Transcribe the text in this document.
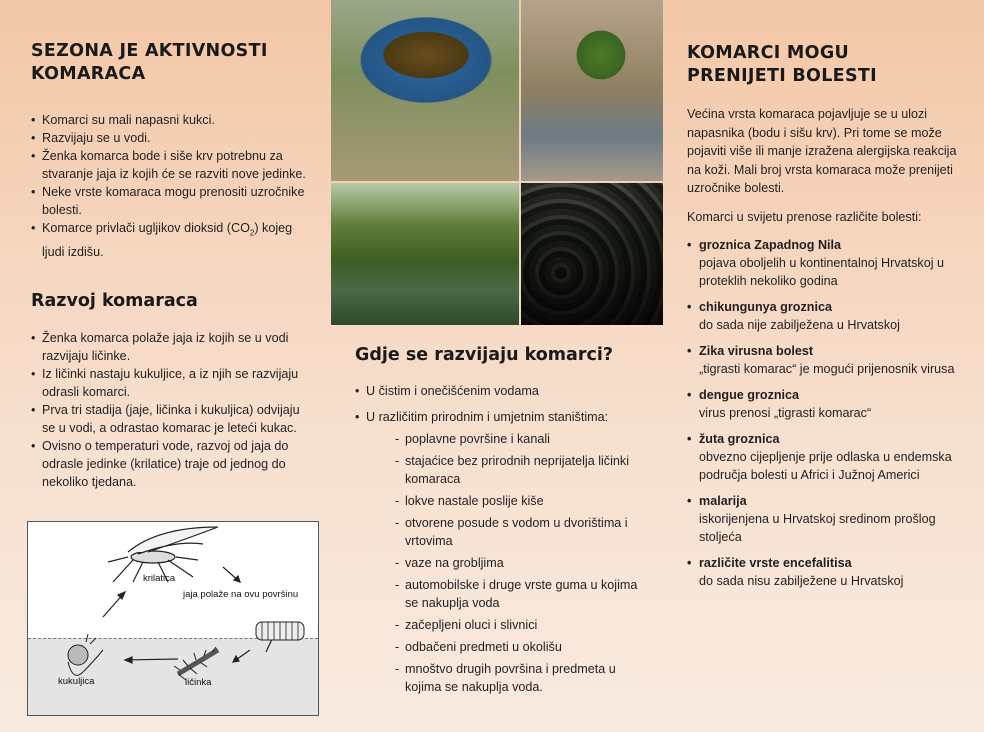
SEZONA JE AKTIVNOSTI
KOMARACA
• Komarci su mali napasni kukci.
• Razvijaju se u vodi.
• Ženka komarca bode i siše krv potrebnu za stvaranje jaja iz kojih će se razviti nove jedinke.
• Neke vrste komaraca mogu prenositi uzročnike bolesti.
• Komarce privlači ugljikov dioksid $(CO_2)$ kojeg ljudi izdišu.
Razvoj komaraca
• Ženka komarca polaže jaja iz kojih se u vodi razvijaju ličinke.
• Iz ličinki nastaju kukuljice, a iz njih se razvijaju odrasli komarci.
• Prva tri stadija (jaje, ličinka i kukuljica) odvijaju se u vodi, a odrastao komarac je leteći kukac.
• Ovisno o temperaturi vode, razvoj od jaja do odrasle jedinke (krilatice) traje od jednog do nekoliko tjedana.
krilatica
jaja polaže na ovu površinu
kukuljica	ličinka
Gdje se razvijaju komarci?
• U čistim i onečišćenim vodama
• U različitim prirodnim i umjetnim staništima:
- poplavne površine i kanali
- stajaćice bez prirodnih neprijatelja ličinki komaraca
- lokve nastale poslije kiše
- otvorene posude s vodom u dvorištima i vrtovima
- vaze na grobljima
- automobilske i druge vrste guma u kojima se nakuplja voda
- začepljeni oluci i slivnici
- odbačeni predmeti u okolišu
- mnoštvo drugih površina i predmeta u kojima se nakuplja voda.
KOMARCI MOGU
PRENIJETI BOLESTI

Većina vrsta komaraca pojavljuje se u ulozi napasnika (bodu i sišu krv). Pri tome se može pojaviti više ili manje izražena alergijska reakcija na koži. Mali broj vrsta komaraca može prenijeti uzročnike bolesti.

Komarci u svijetu prenose različite bolesti:

• groznica Zapadnog Nila
pojava oboljelih u kontinentalnoj Hrvatskoj u proteklih nekoliko godina
• chikungunya groznica
do sada nije zabilježena u Hrvatskoj
• Zika virusna bolest
„tigrasti komarac“ je mogući prijenosnik virusa
• dengue groznica
virus prenosi „tigrasti komarac“
• žuta groznica
obvezno cijepljenje prije odlaska u endemska područja bolesti u Africi i Južnoj Americi
• malarija
iskorijenjena u Hrvatskoj sredinom prošlog stoljeća
• različite vrste encefalitisa
do sada nisu zabilježene u Hrvatskoj
